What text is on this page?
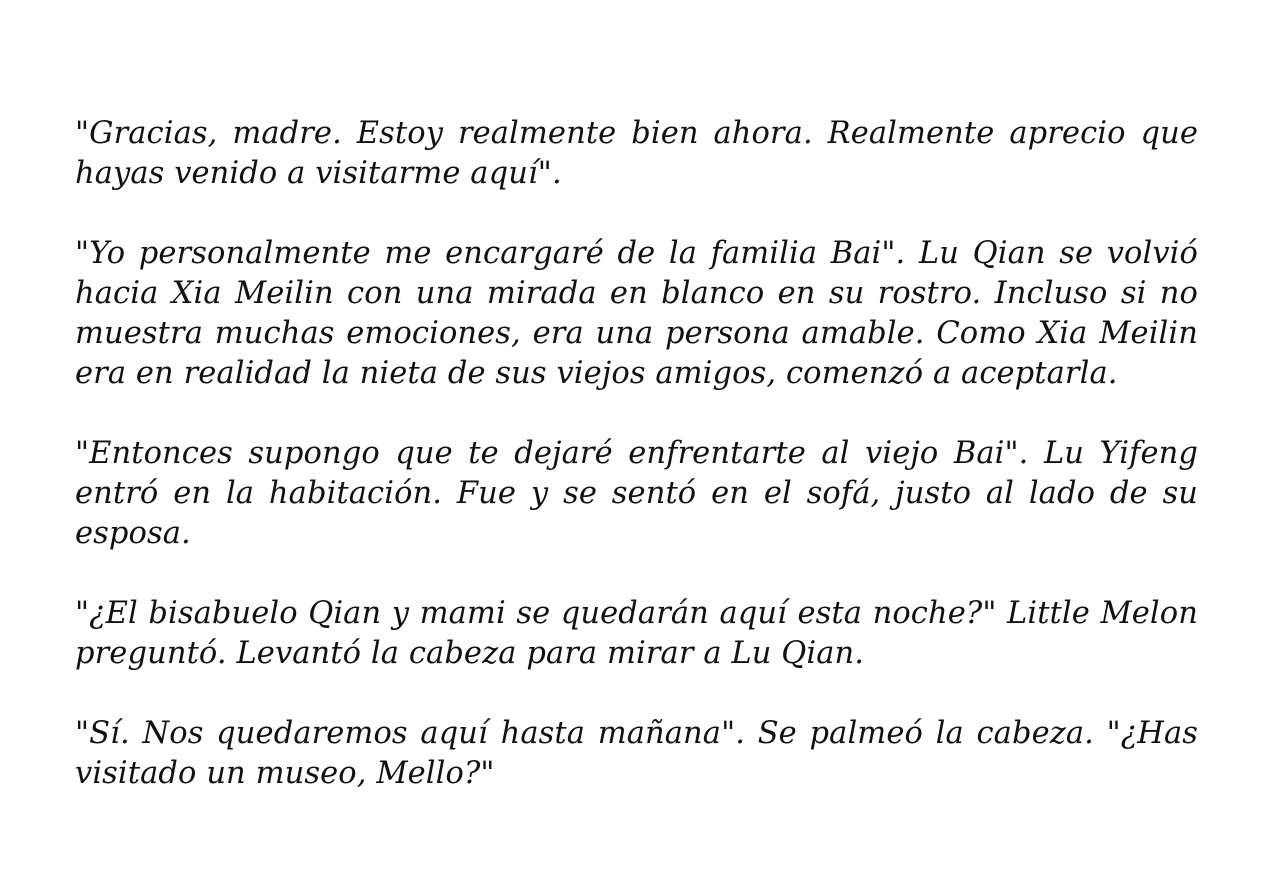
"Gracias, madre. Estoy realmente bien ahora. Realmente aprecio que hayas venido a visitarme aquí".

"Yo personalmente me encargaré de la familia Bai". Lu Qian se volvió hacia Xia Meilin con una mirada en blanco en su rostro. Incluso si no muestra muchas emociones, era una persona amable. Como Xia Meilin era en realidad la nieta de sus viejos amigos, comenzó a aceptarla.

"Entonces supongo que te dejaré enfrentarte al viejo Bai". Lu Yifeng entró en la habitación. Fue y se sentó en el sofá, justo al lado de su esposa.

"¿El bisabuelo Qian y mami se quedarán aquí esta noche?" Little Melon preguntó. Levantó la cabeza para mirar a Lu Qian.

"Sí. Nos quedaremos aquí hasta mañana". Se palmeó la cabeza. "¿Has visitado un museo, Mello?"
